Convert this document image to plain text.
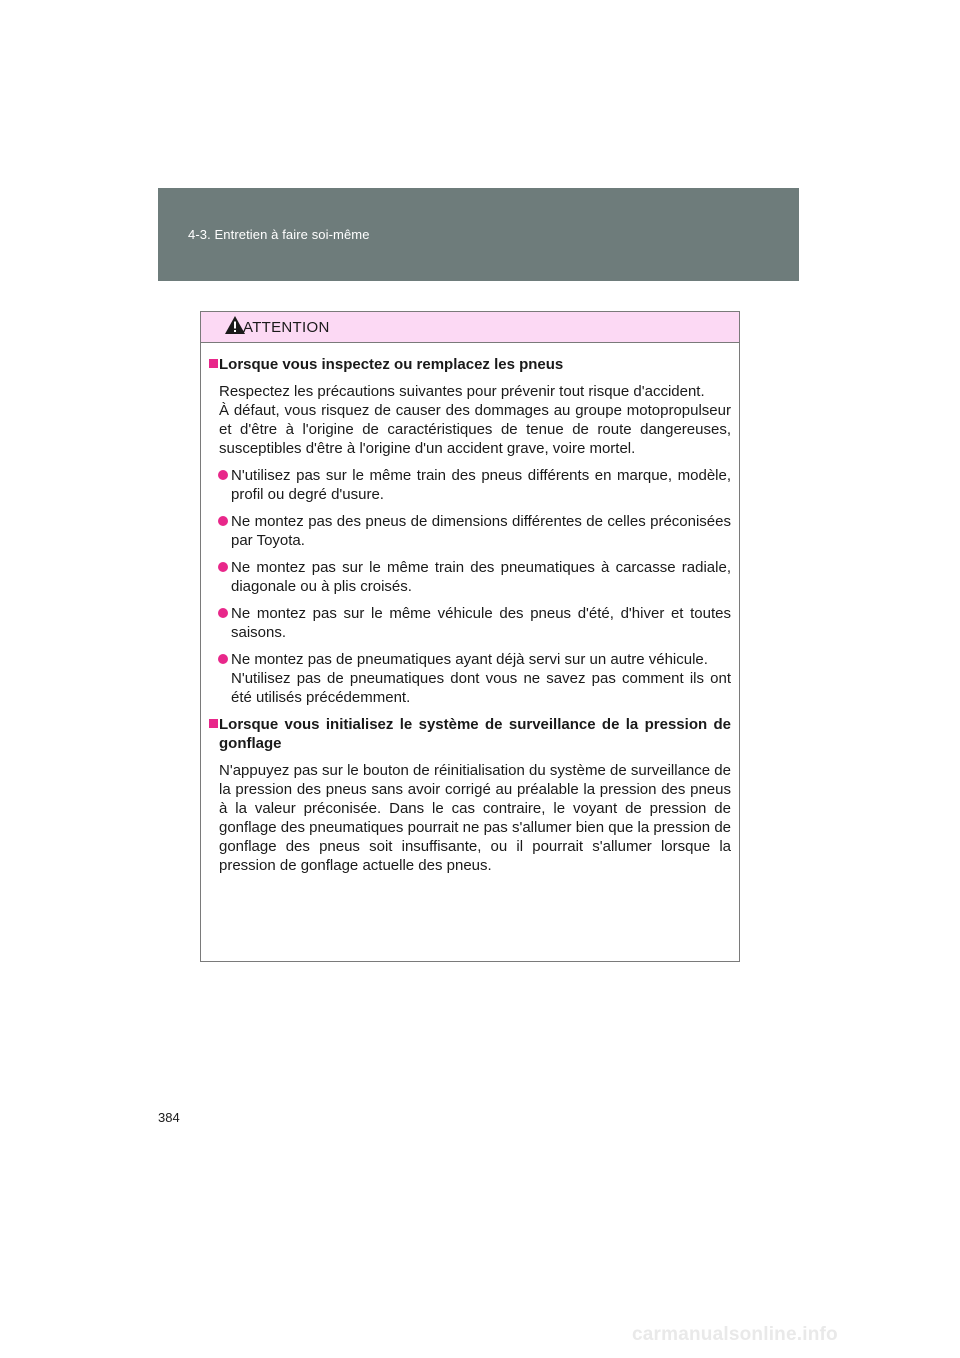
4-3. Entretien à faire soi-même
ATTENTION
Lorsque vous inspectez ou remplacez les pneus
Respectez les précautions suivantes pour prévenir tout risque d'accident.
À défaut, vous risquez de causer des dommages au groupe motopropulseur et d'être à l'origine de caractéristiques de tenue de route dangereuses, susceptibles d'être à l'origine d'un accident grave, voire mortel.
N'utilisez pas sur le même train des pneus différents en marque, modèle, profil ou degré d'usure.
Ne montez pas des pneus de dimensions différentes de celles préconisées par Toyota.
Ne montez pas sur le même train des pneumatiques à carcasse radiale, diagonale ou à plis croisés.
Ne montez pas sur le même véhicule des pneus d'été, d'hiver et toutes saisons.
Ne montez pas de pneumatiques ayant déjà servi sur un autre véhicule.
N'utilisez pas de pneumatiques dont vous ne savez pas comment ils ont été utilisés précédemment.
Lorsque vous initialisez le système de surveillance de la pression de gonflage
N'appuyez pas sur le bouton de réinitialisation du système de surveillance de la pression des pneus sans avoir corrigé au préalable la pression des pneus à la valeur préconisée. Dans le cas contraire, le voyant de pression de gonflage des pneumatiques pourrait ne pas s'allumer bien que la pression de gonflage des pneus soit insuffisante, ou il pourrait s'allumer lorsque la pression de gonflage actuelle des pneus.
384
carmanualsonline.info
